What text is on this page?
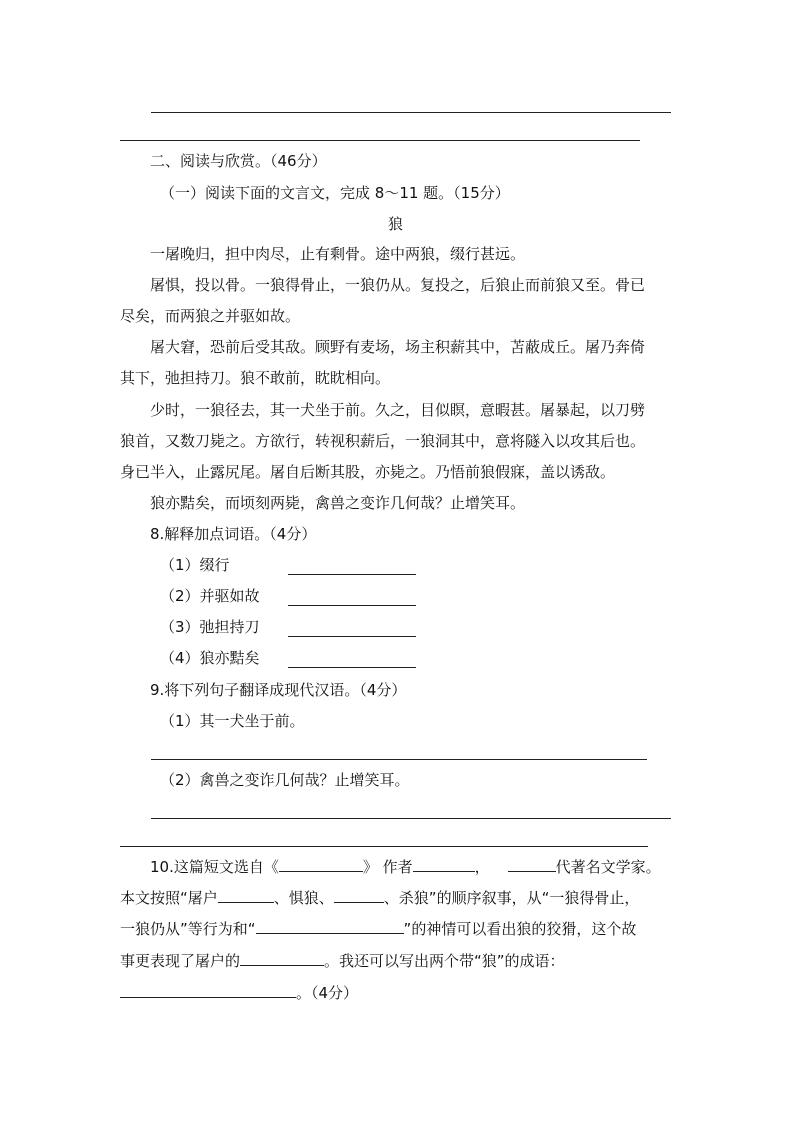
二、阅读与欣赏。（46分）
（一）阅读下面的文言文，完成 8～11 题。（15分）
狼
一屠晚归，担中肉尽，止有剩骨。途中两狼，缀行甚远。
屠惧，投以骨。一狼得骨止，一狼仍从。复投之，后狼止而前狼又至。骨已
尽矣，而两狼之并驱如故。
屠大窘，恐前后受其敌。顾野有麦场，场主积薪其中，苫蔽成丘。屠乃奔倚
其下，弛担持刀。狼不敢前，眈眈相向。
少时，一狼径去，其一犬坐于前。久之，目似瞑，意暇甚。屠暴起，以刀劈
狼首，又数刀毙之。方欲行，转视积薪后，一狼洞其中，意将隧入以攻其后也。
身已半入，止露尻尾。屠自后断其股，亦毙之。乃悟前狼假寐，盖以诱敌。
狼亦黠矣，而顷刻两毙，禽兽之变诈几何哉？止增笑耳。
8.解释加点词语。（4分）
（1）缀行
（2）并驱如故
（3）弛担持刀
（4）狼亦黠矣
9.将下列句子翻译成现代汉语。（4分）
（1）其一犬坐于前。
（2）禽兽之变诈几何哉？止增笑耳。
10.这篇短文选自《	》 作者	，	代著名文学家。
本文按照“屠户	、惧狼、	、杀狼”的顺序叙事，从“一狼得骨止，
一狼仍从”等行为和“	”的神情可以看出狼的狡猾，这个故
事更表现了屠户的	。我还可以写出两个带“狼”的成语：
。（4分）
